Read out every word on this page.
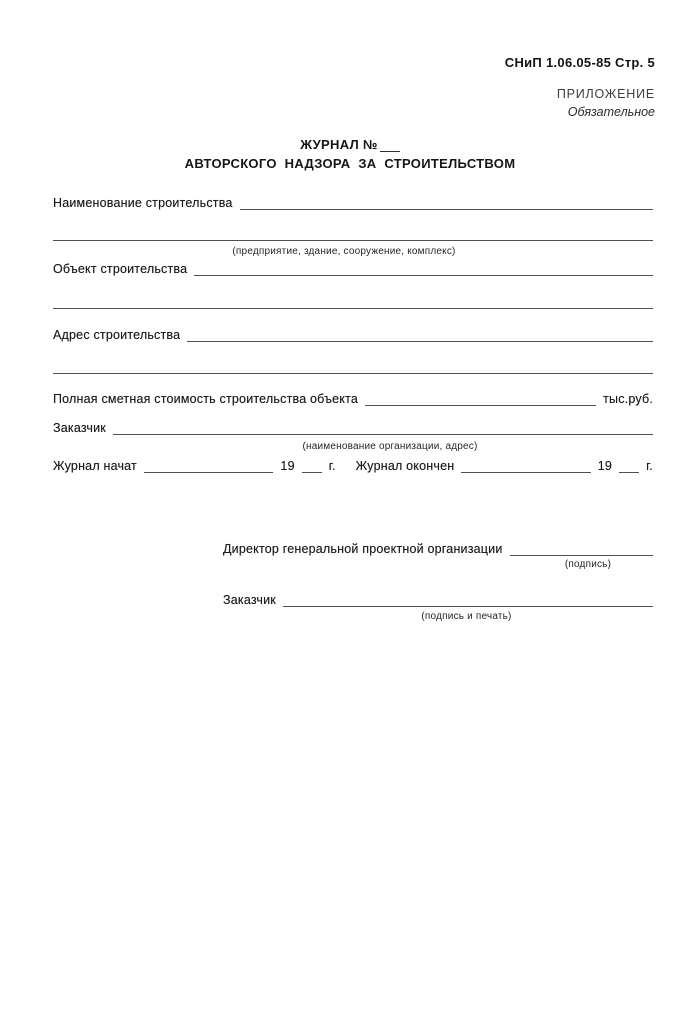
СНиП 1.06.05-85 Стр. 5
ПРИЛОЖЕНИЕ
Обязательное
ЖУРНАЛ №
АВТОРСКОГО НАДЗОРА ЗА СТРОИТЕЛЬСТВОМ
Наименование строительства
(предприятие, здание, сооружение, комплекс)
Объект строительства
Адрес строительства
Полная сметная стоимость строительства объекта	тыс.руб.
Заказчик
(наименование организации, адрес)
Журнал начат	19	г. Журнал окончен	19	г.
Директор генеральной проектной организации
(подпись)
Заказчик
(подпись и печать)
